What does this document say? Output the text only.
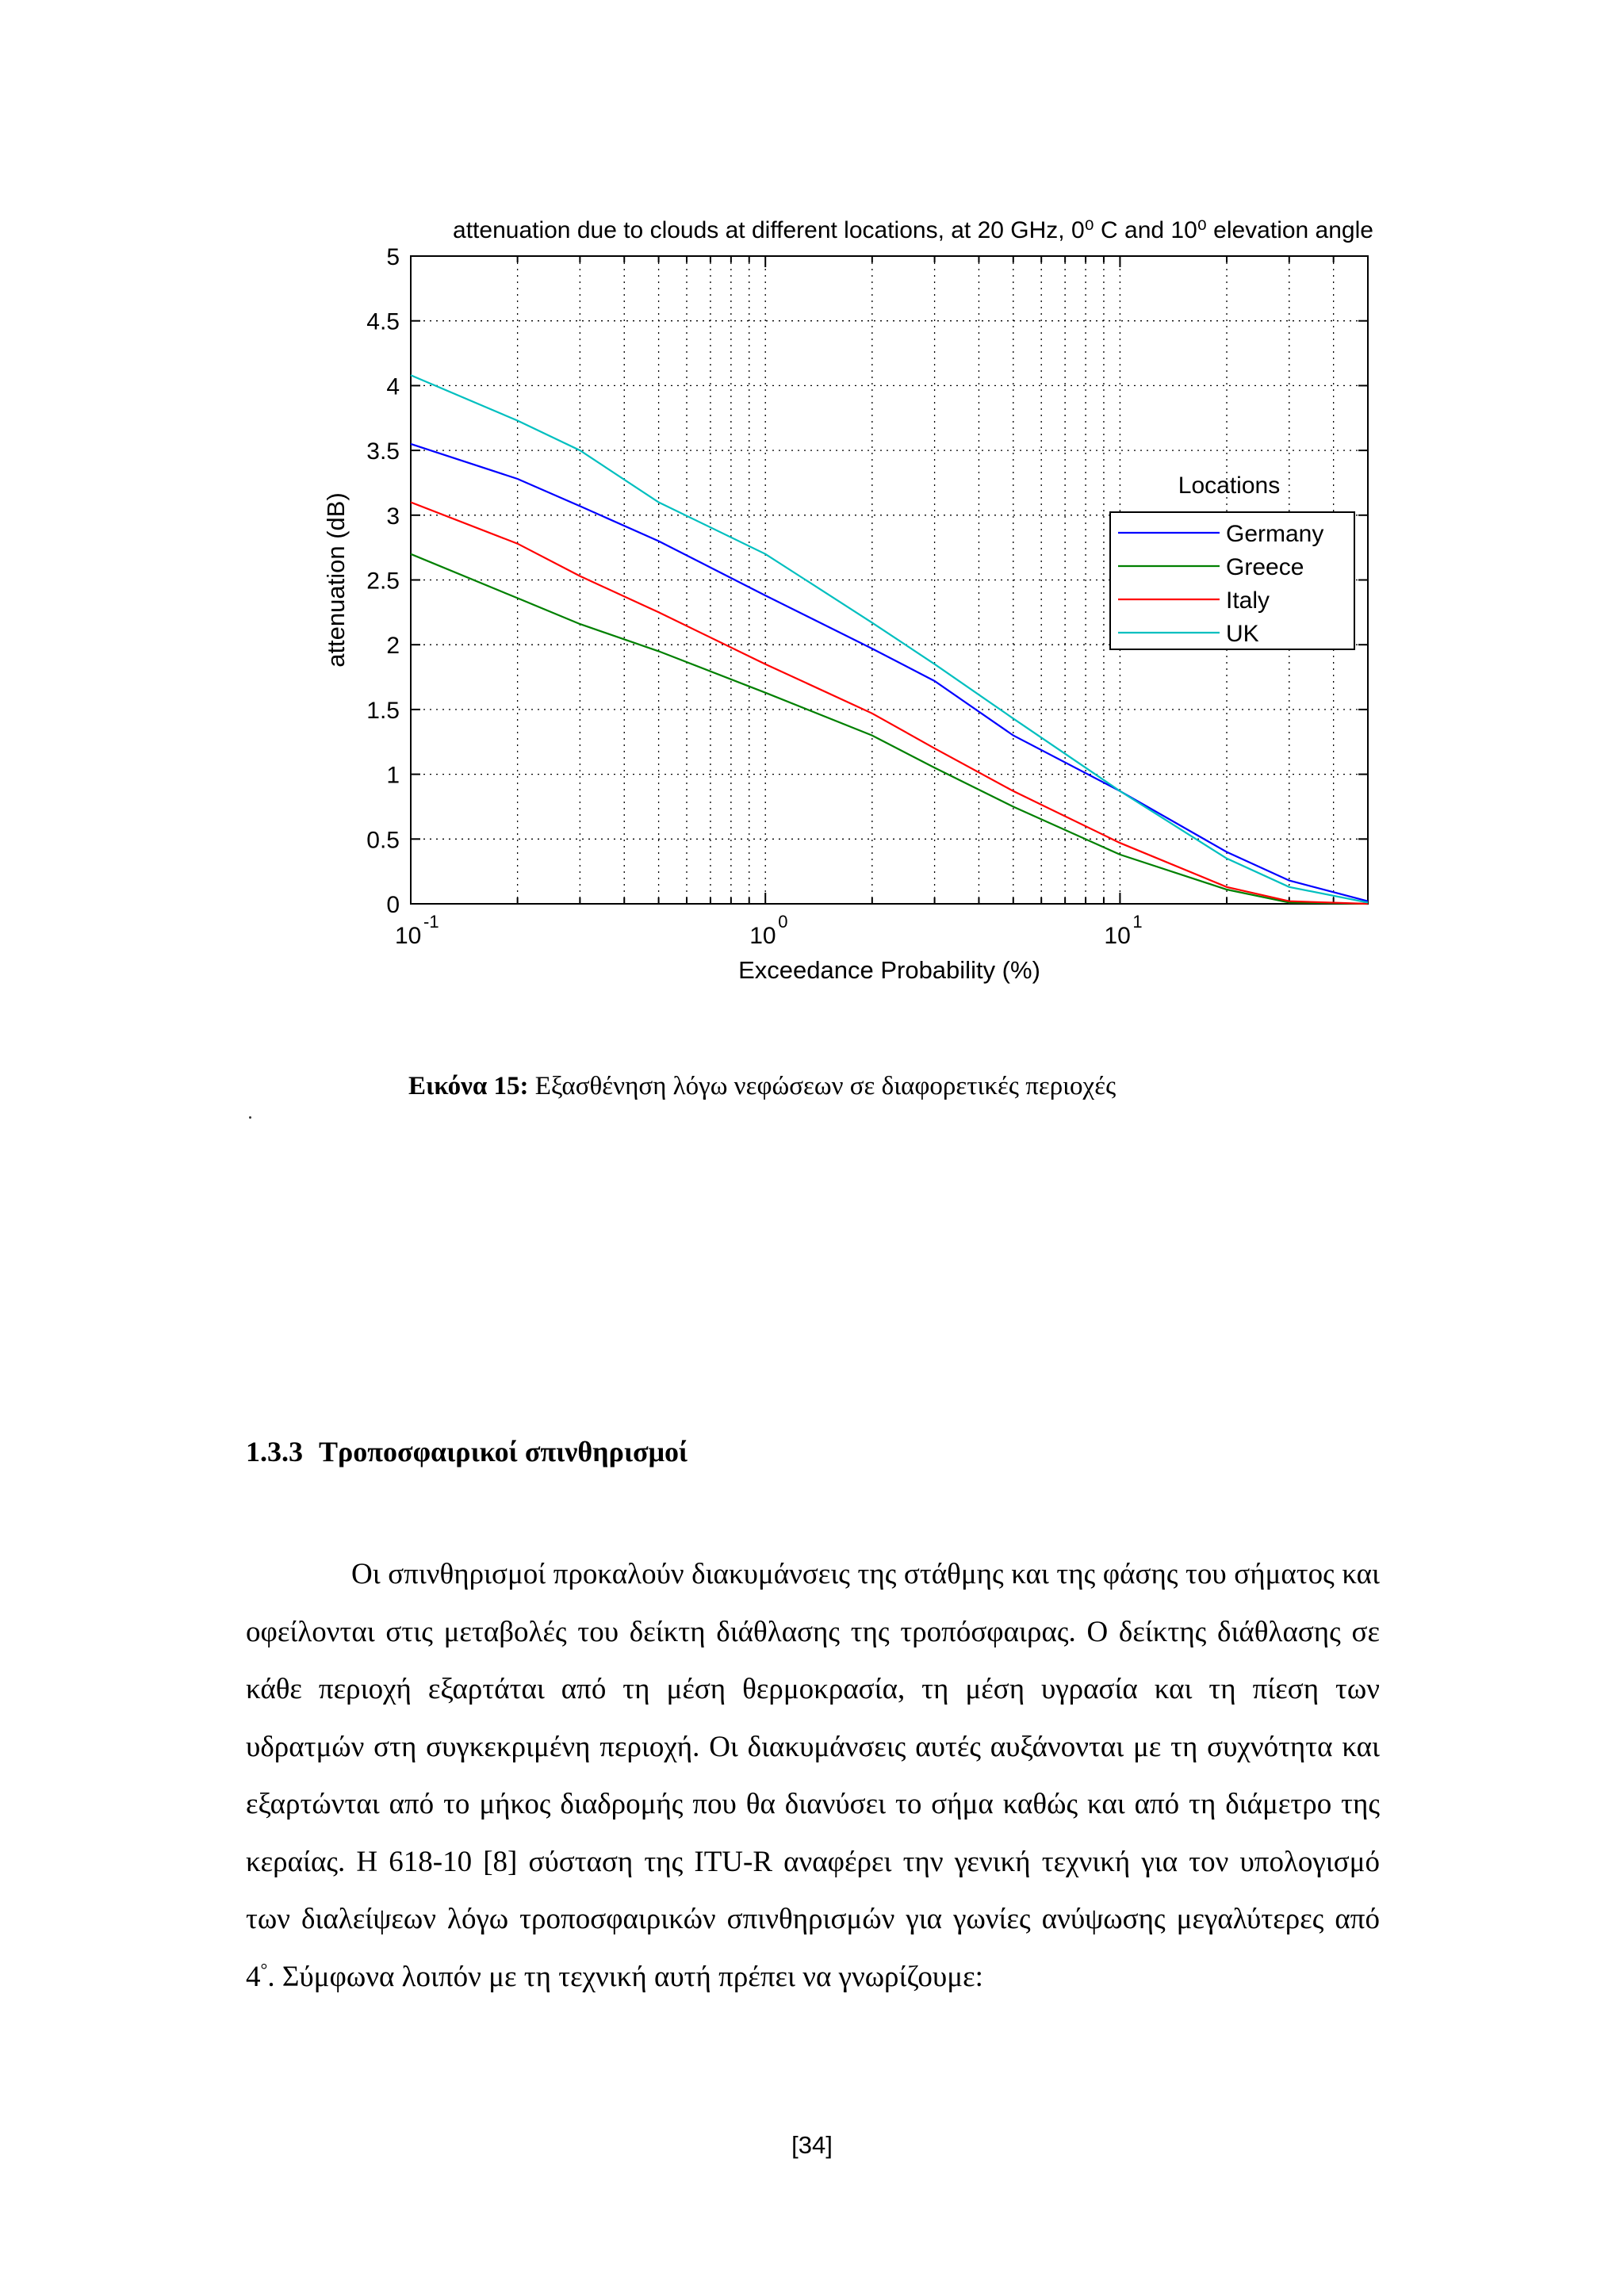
0
0.5
1
1.5
2
2.5
3
3.5
4
4.5
5
10
-1
10
0
10
1
attenuation due to clouds at different locations, at 20 GHz, 0⁰ C and 10⁰ elevation angle
Exceedance Probability (%)
attenuation (dB)
Locations
Germany
Greece
Italy
UK
Εικόνα 15: Εξασθένηση λόγω νεφώσεων σε διαφορετικές περιοχές
1.3.3 Τροποσφαιρικοί σπινθηρισμοί

Οι σπινθηρισμοί προκαλούν διακυμάνσεις της στάθμης και της φάσης του σήματος και οφείλονται στις μεταβολές του δείκτη διάθλασης της τροπόσφαιρας. Ο δείκτης διάθλασης σε κάθε περιοχή εξαρτάται από τη μέση θερμοκρασία, τη μέση υγρασία και τη πίεση των υδρατμών στη συγκεκριμένη περιοχή. Οι διακυμάνσεις αυτές αυξάνονται με τη συχνότητα και εξαρτώνται από το μήκος διαδρομής που θα διανύσει το σήμα καθώς και από τη διάμετρο της κεραίας. Η 618-10 [8] σύσταση της ITU-R αναφέρει την γενική τεχνική για τον υπολογισμό των διαλείψεων λόγω τροποσφαιρικών σπινθηρισμών για γωνίες ανύψωσης μεγαλύτερες από 4°. Σύμφωνα λοιπόν με τη τεχνική αυτή πρέπει να γνωρίζουμε:

[34]
